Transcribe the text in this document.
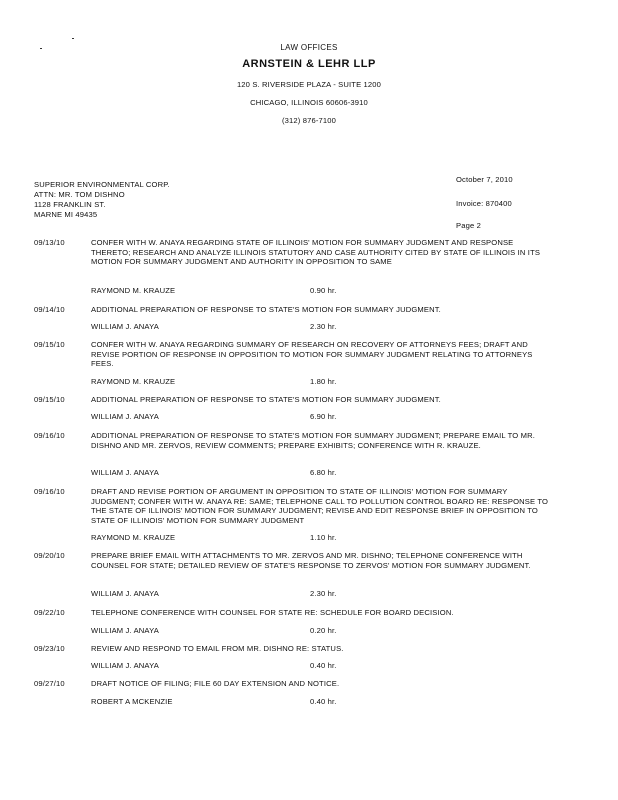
LAW OFFICES
ARNSTEIN & LEHR LLP
120 S. RIVERSIDE PLAZA - SUITE 1200
CHICAGO, ILLINOIS 60606-3910
(312) 876-7100
SUPERIOR ENVIRONMENTAL CORP.
ATTN: MR. TOM DISHNO
1128 FRANKLIN ST.
MARNE MI 49435
October 7, 2010
Invoice: 870400
Page 2
09/13/10	CONFER WITH W. ANAYA REGARDING STATE OF ILLINOIS' MOTION FOR SUMMARY JUDGMENT AND RESPONSE THERETO; RESEARCH AND ANALYZE ILLINOIS STATUTORY AND CASE AUTHORITY CITED BY STATE OF ILLINOIS IN ITS MOTION FOR SUMMARY JUDGMENT AND AUTHORITY IN OPPOSITION TO SAME
RAYMOND M. KRAUZE	0.90 hr.
09/14/10	ADDITIONAL PREPARATION OF RESPONSE TO STATE'S MOTION FOR SUMMARY JUDGMENT.
WILLIAM J. ANAYA	2.30 hr.
09/15/10	CONFER WITH W. ANAYA REGARDING SUMMARY OF RESEARCH ON RECOVERY OF ATTORNEYS FEES; DRAFT AND REVISE PORTION OF RESPONSE IN OPPOSITION TO MOTION FOR SUMMARY JUDGMENT RELATING TO ATTORNEYS FEES.
RAYMOND M. KRAUZE	1.80 hr.
09/15/10	ADDITIONAL PREPARATION OF RESPONSE TO STATE'S MOTION FOR SUMMARY JUDGMENT.
WILLIAM J. ANAYA	6.90 hr.
09/16/10	ADDITIONAL PREPARATION OF RESPONSE TO STATE'S MOTION FOR SUMMARY JUDGMENT; PREPARE EMAIL TO MR. DISHNO AND MR. ZERVOS, REVIEW COMMENTS; PREPARE EXHIBITS; CONFERENCE WITH R. KRAUZE.
WILLIAM J. ANAYA	6.80 hr.
09/16/10	DRAFT AND REVISE PORTION OF ARGUMENT IN OPPOSITION TO STATE OF ILLINOIS' MOTION FOR SUMMARY JUDGMENT; CONFER WITH W. ANAYA RE: SAME; TELEPHONE CALL TO POLLUTION CONTROL BOARD RE: RESPONSE TO THE STATE OF ILLINOIS' MOTION FOR SUMMARY JUDGMENT; REVISE AND EDIT RESPONSE BRIEF IN OPPOSITION TO STATE OF ILLINOIS' MOTION FOR SUMMARY JUDGMENT
RAYMOND M. KRAUZE	1.10 hr.
09/20/10	PREPARE BRIEF EMAIL WITH ATTACHMENTS TO MR. ZERVOS AND MR. DISHNO; TELEPHONE CONFERENCE WITH COUNSEL FOR STATE; DETAILED REVIEW OF STATE'S RESPONSE TO ZERVOS' MOTION FOR SUMMARY JUDGMENT.
WILLIAM J. ANAYA	2.30 hr.
09/22/10	TELEPHONE CONFERENCE WITH COUNSEL FOR STATE RE: SCHEDULE FOR BOARD DECISION.
WILLIAM J. ANAYA	0.20 hr.
09/23/10	REVIEW AND RESPOND TO EMAIL FROM MR. DISHNO RE: STATUS.
WILLIAM J. ANAYA	0.40 hr.
09/27/10	DRAFT NOTICE OF FILING; FILE 60 DAY EXTENSION AND NOTICE.
ROBERT A MCKENZIE	0.40 hr.
